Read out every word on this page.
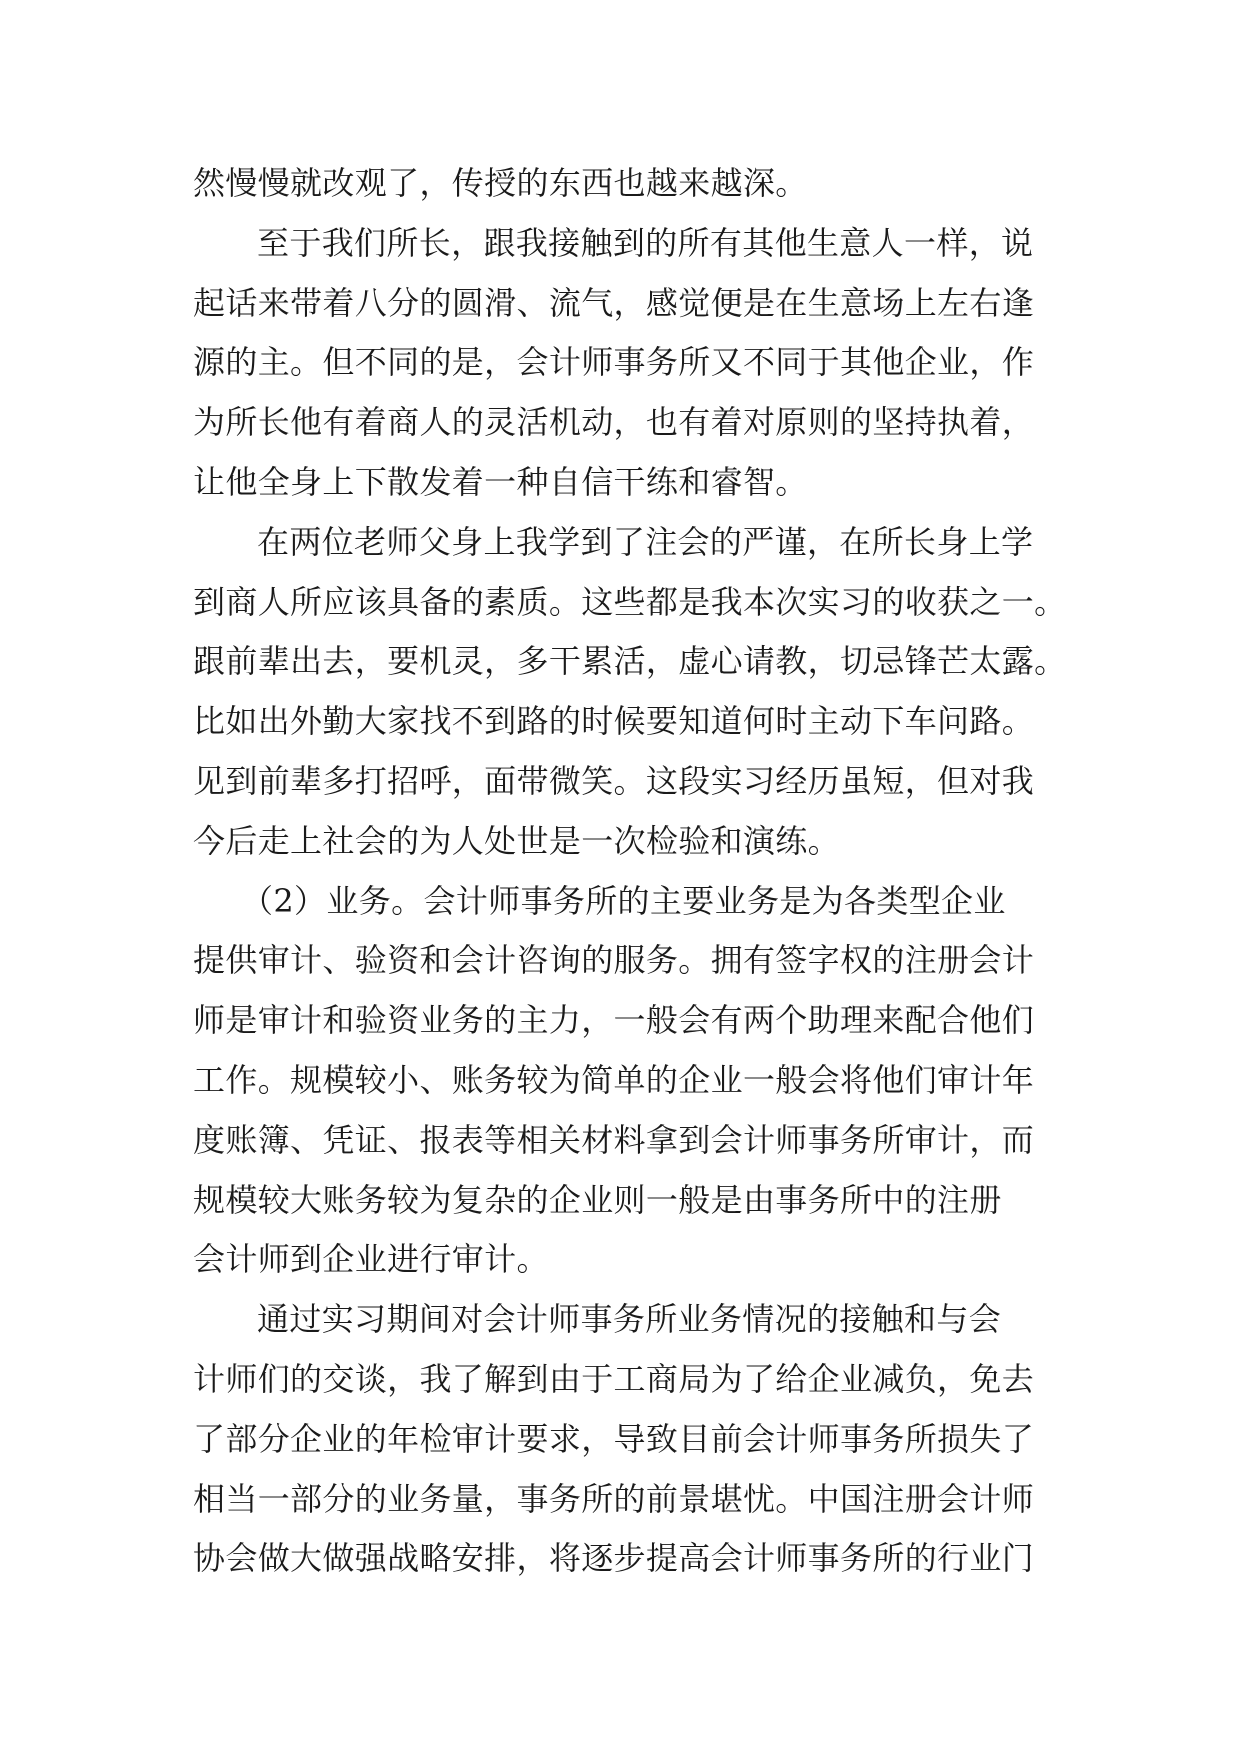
然慢慢就改观了，传授的东西也越来越深。
至于我们所长，跟我接触到的所有其他生意人一样，说
起话来带着八分的圆滑、流气，感觉便是在生意场上左右逢
源的主。但不同的是，会计师事务所又不同于其他企业，作
为所长他有着商人的灵活机动，也有着对原则的坚持执着，
让他全身上下散发着一种自信干练和睿智。
在两位老师父身上我学到了注会的严谨，在所长身上学
到商人所应该具备的素质。这些都是我本次实习的收获之一。
跟前辈出去，要机灵，多干累活，虚心请教，切忌锋芒太露。
比如出外勤大家找不到路的时候要知道何时主动下车问路。
见到前辈多打招呼，面带微笑。这段实习经历虽短，但对我
今后走上社会的为人处世是一次检验和演练。
（2）业务。会计师事务所的主要业务是为各类型企业
提供审计、验资和会计咨询的服务。拥有签字权的注册会计
师是审计和验资业务的主力，一般会有两个助理来配合他们
工作。规模较小、账务较为简单的企业一般会将他们审计年
度账簿、凭证、报表等相关材料拿到会计师事务所审计，而
规模较大账务较为复杂的企业则一般是由事务所中的注册
会计师到企业进行审计。
通过实习期间对会计师事务所业务情况的接触和与会
计师们的交谈，我了解到由于工商局为了给企业减负，免去
了部分企业的年检审计要求，导致目前会计师事务所损失了
相当一部分的业务量，事务所的前景堪忧。中国注册会计师
协会做大做强战略安排，将逐步提高会计师事务所的行业门
